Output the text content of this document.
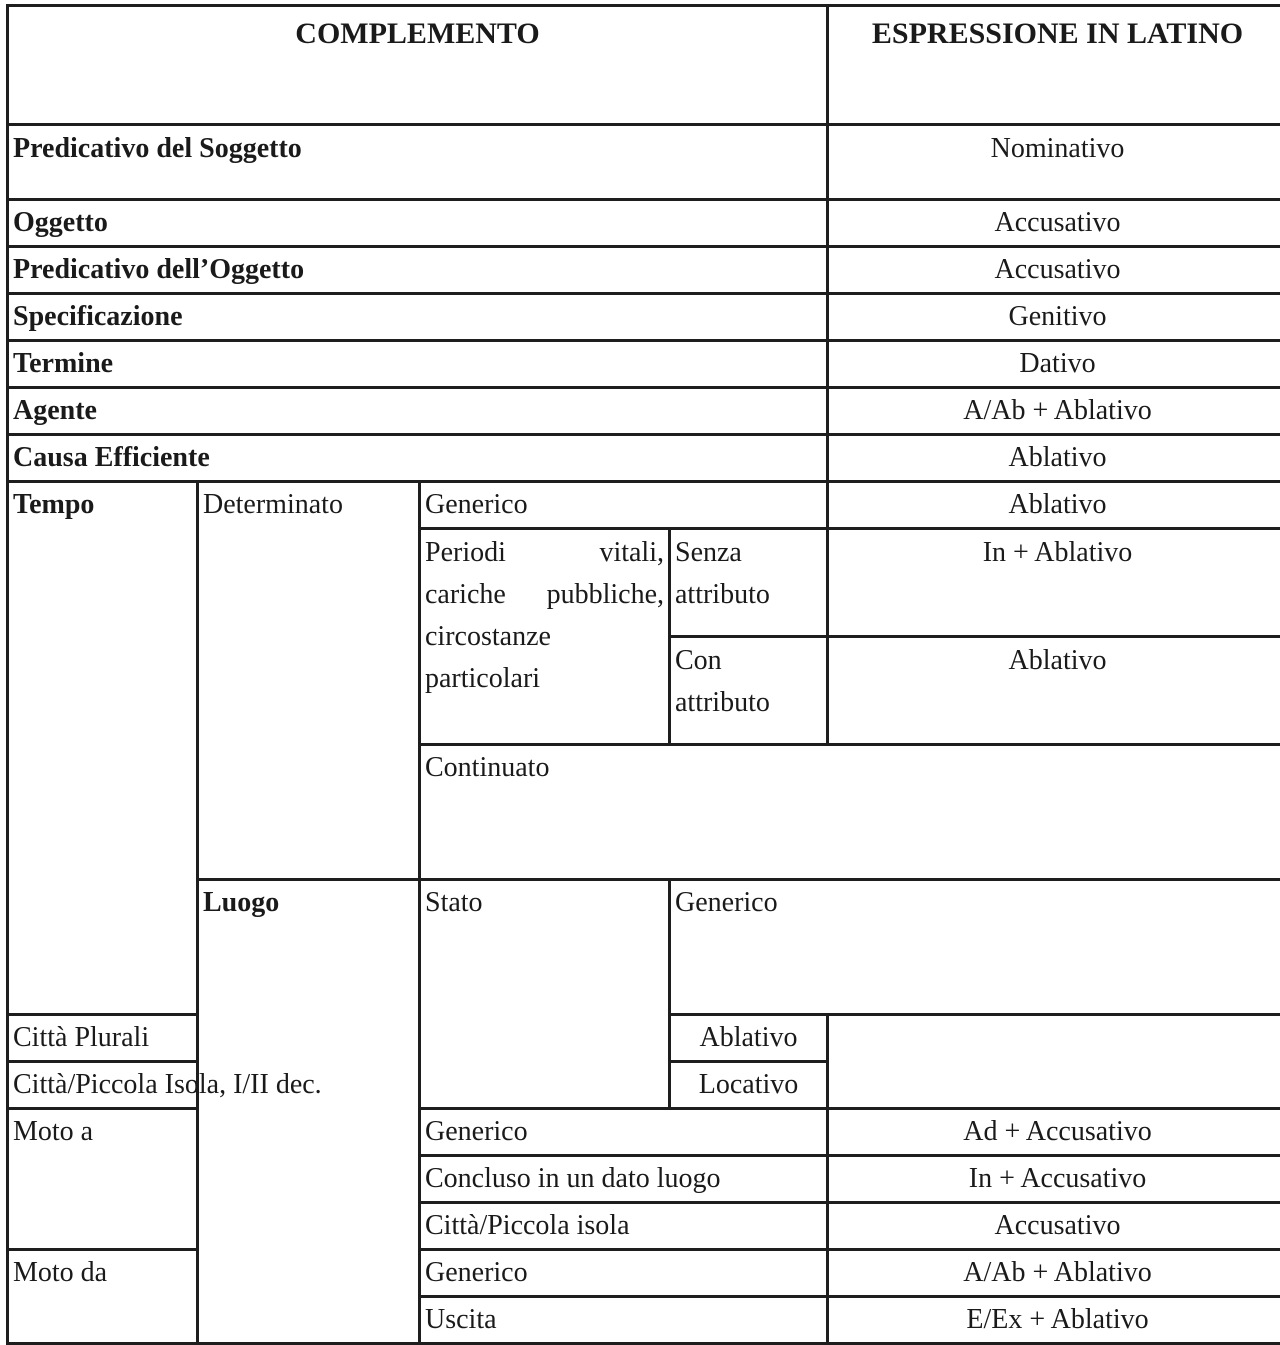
COMPLEMENTO				ESPRESSIONE IN LATINO	
Predicativo del Soggetto				Nominativo	
Oggetto				Accusativo	
Predicativo dell’Oggetto				Accusativo	
Specificazione				Genitivo	
Termine				Dativo	
Agente				A/Ab + Ablativo	
Causa Efficiente				Ablativo	
Tempo	Determinato	Generico		Ablativo	
		Periodi vitali, cariche pubbliche, circostanze particolari	Senza attributo	In + Ablativo	
			Con attributo	Ablativo	
		Continuato	
	Luogo	Stato	Generico	
Città Plurali			Ablativo		
Città/Piccola Isola, I/II dec.			Locativo		
Moto a		Generico		Ad + Accusativo	
		Concluso in un dato luogo		In + Accusativo	
		Città/Piccola isola		Accusativo	
Moto da		Generico		A/Ab + Ablativo	
		Uscita		E/Ex + Ablativo	
